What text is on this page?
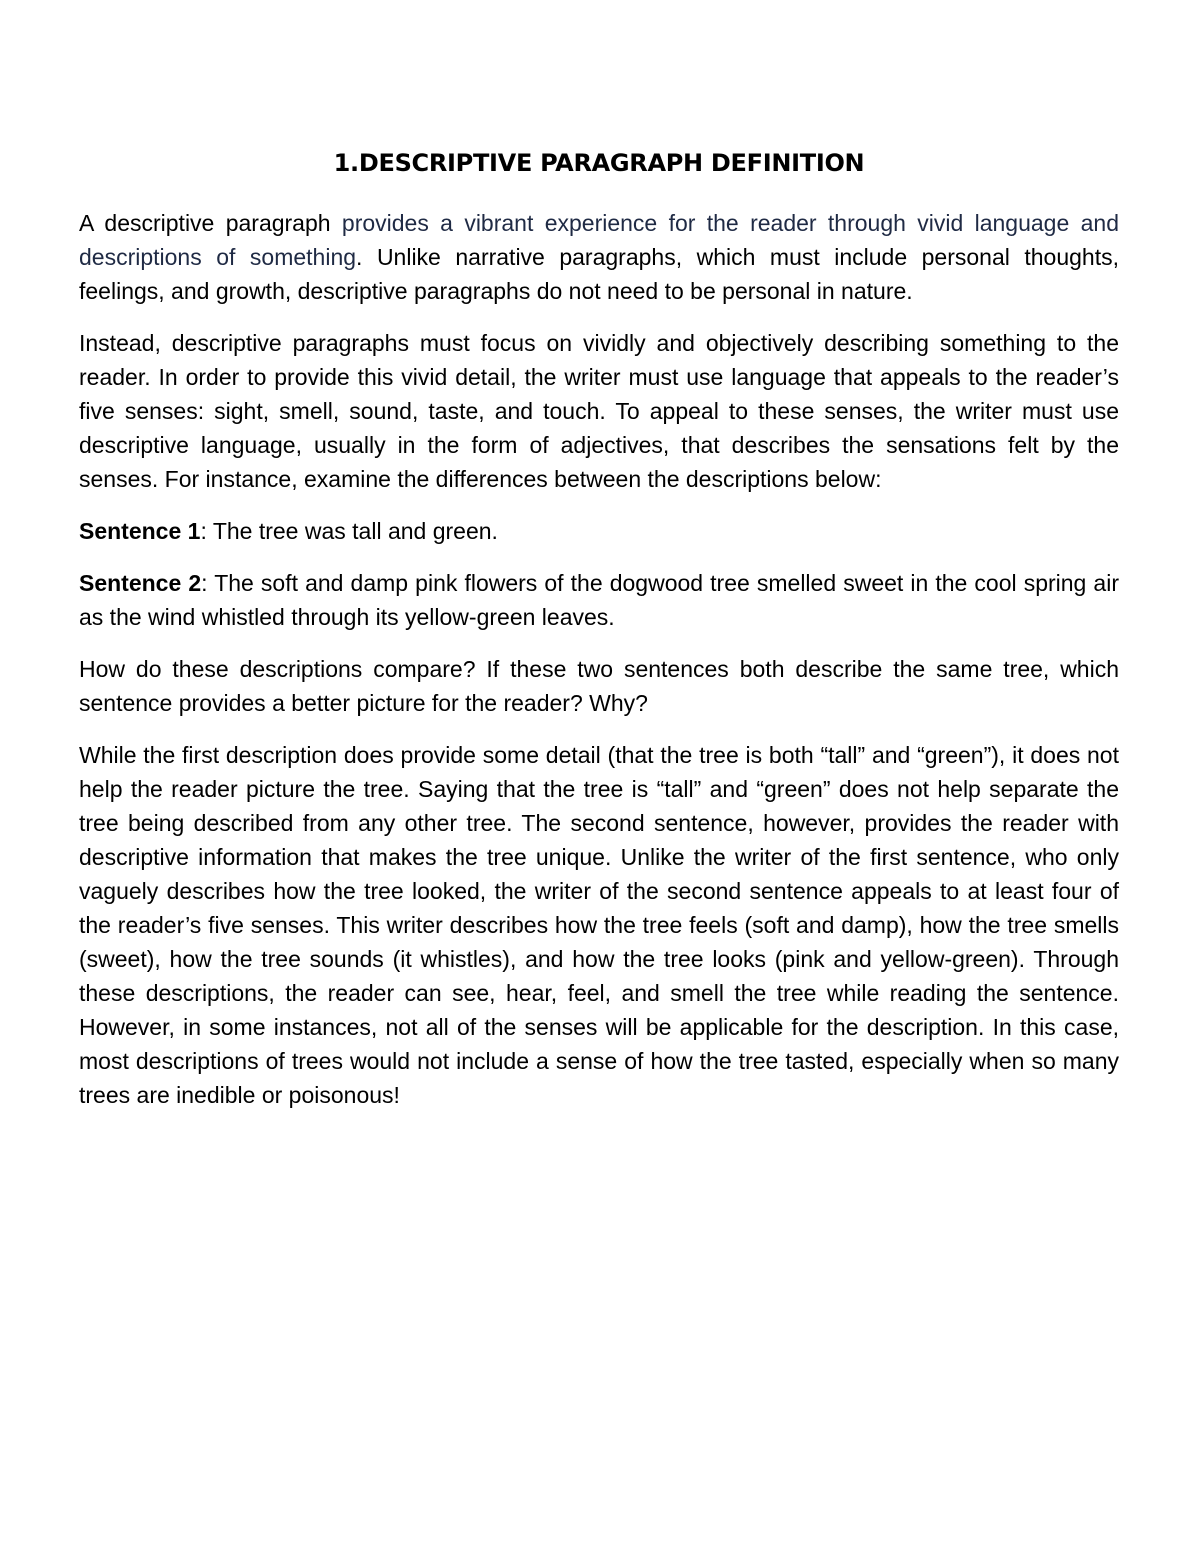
1.DESCRIPTIVE PARAGRAPH DEFINITION

A descriptive paragraph provides a vibrant experience for the reader through vivid language and descriptions of something. Unlike narrative paragraphs, which must include personal thoughts, feelings, and growth, descriptive paragraphs do not need to be personal in nature.

Instead, descriptive paragraphs must focus on vividly and objectively describing something to the reader. In order to provide this vivid detail, the writer must use language that appeals to the reader’s five senses: sight, smell, sound, taste, and touch. To appeal to these senses, the writer must use descriptive language, usually in the form of adjectives, that describes the sensations felt by the senses. For instance, examine the differences between the descriptions below:

Sentence 1: The tree was tall and green.

Sentence 2: The soft and damp pink flowers of the dogwood tree smelled sweet in the cool spring air as the wind whistled through its yellow-green leaves.

How do these descriptions compare? If these two sentences both describe the same tree, which sentence provides a better picture for the reader? Why?

While the first description does provide some detail (that the tree is both “tall” and “green”), it does not help the reader picture the tree. Saying that the tree is “tall” and “green” does not help separate the tree being described from any other tree. The second sentence, however, provides the reader with descriptive information that makes the tree unique. Unlike the writer of the first sentence, who only vaguely describes how the tree looked, the writer of the second sentence appeals to at least four of the reader’s five senses. This writer describes how the tree feels (soft and damp), how the tree smells (sweet), how the tree sounds (it whistles), and how the tree looks (pink and yellow-green). Through these descriptions, the reader can see, hear, feel, and smell the tree while reading the sentence. However, in some instances, not all of the senses will be applicable for the description. In this case, most descriptions of trees would not include a sense of how the tree tasted, especially when so many trees are inedible or poisonous!
